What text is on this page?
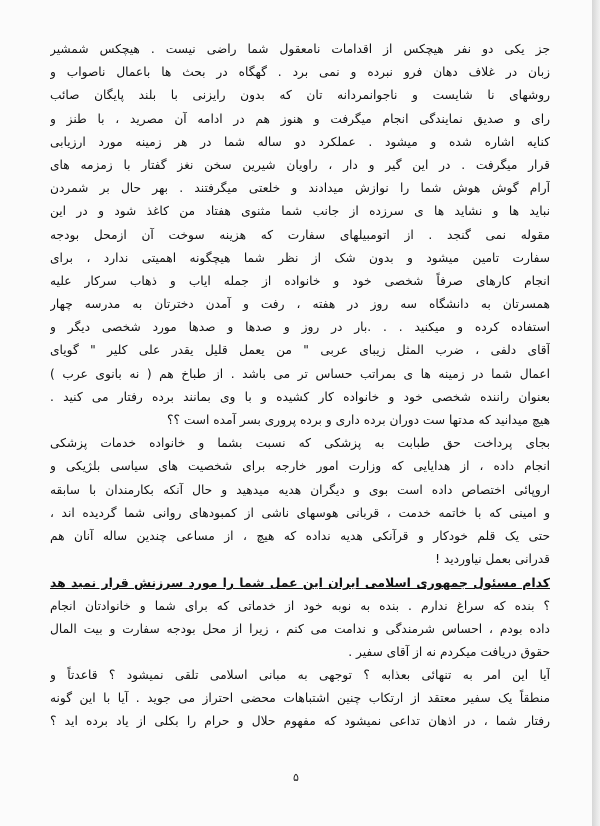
جز یکی دو نفر هیچکس از اقدامات نامعقول شما راضی نیست . هیچکس شمشیر
زبان در غلاف دهان فرو نبرده و نمی برد . گهگاه در بحث ها باعمال ناصواب و
روشهای نا شایست و ناجوانمردانه تان که بدون رایزنی با بلند پایگان صائب
رای و صدیق نمایندگی انجام میگرفت و هنوز هم در ادامه آن مصرید ، با طنز و
کنایه اشاره شده و میشود . عملکرد دو ساله شما در هر زمینه مورد ارزیابی
قرار میگرفت . در این گیر و دار ، راویان شیرین سخن نغز گفتار با زمزمه های
آرام گوش هوش شما را نوازش میدادند و خلعتی میگرفتند . بهر حال بر شمردن
نباید ها و نشاید ها ی سرزده از جانب شما مثنوی هفتاد من کاغذ شود و در این
مقوله نمی گنجد . از اتومبیلهای سفارت که هزینه سوخت آن ازمحل بودجه
سفارت تامین میشود و بدون شک از نظر شما هیچگونه اهمیتی ندارد ، برای
انجام کارهای صرفاً شخصی خود و خانواده از جمله ایاب و ذهاب سرکار علیه
همسرتان به دانشگاه سه روز در هفته ، رفت و آمدن دخترتان به مدرسه چهار
استفاده کرده و میکنید . . .بار در روز و صدها و صدها مورد شخصی دیگر و
آقای دلفی ، ضرب المثل زیبای عربی " من یعمل قلیل یقدر علی کلیر " گویای
اعمال شما در زمینه ها ی بمراتب حساس تر می باشد . از طباخ هم ( نه بانوی عرب )
بعنوان راننده شخصی خود و خانواده کار کشیده و با وی بمانند برده رفتار می کنید .
هیچ میدانید که مدتها ست دوران برده داری و برده پروری بسر آمده است ؟؟
بجای پرداخت حق طبابت به پزشکی که نسبت بشما و خانواده خدمات پزشکی
انجام داده ، از هدایایی که وزارت امور خارجه برای شخصیت های سیاسی بلژیکی و
اروپائی اختصاص داده است بوی و دیگران هدیه میدهید و حال آنکه بکارمندان با سابقه
و امینی که با خاتمه خدمت ، قربانی هوسهای ناشی از کمبودهای روانی شما گردیده اند ،
حتی یک قلم خودکار و قرآنکی هدیه نداده که هیچ ، از مساعی چندین ساله آنان هم
قدرانی بعمل نیاوردید !
کدام مسئول جمهوری اسلامی ایران این عمل شما را مورد سرزنش قرار نمید هد
؟ بنده که سراغ ندارم . بنده به نوبه خود از خدماتی که برای شما و خانوادتان انجام
داده بودم ، احساس شرمندگی و ندامت می کنم ، زیرا از محل بودجه سفارت و بیت المال
حقوق دریافت میکردم نه از آقای سفیر .
آیا این امر به تنهائی بعذابه ؟ توجهی به مبانی اسلامی تلقی نمیشود ؟ قاعدتاً و
منطقاً یک سفیر معتقد از ارتکاب چنین اشتباهات محضی احتراز می جوید . آیا با این گونه
رفتار شما ، در اذهان تداعی نمیشود که مفهوم حلال و حرام را بکلی از یاد برده اید ؟
۵
